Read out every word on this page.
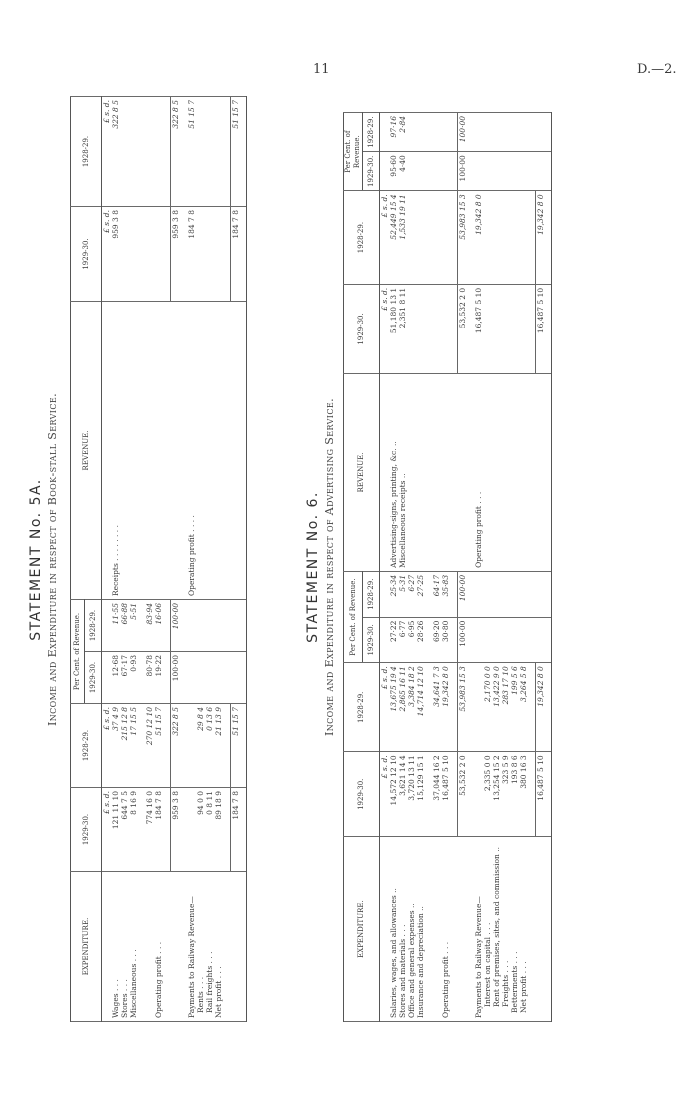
11	D.—2.
STATEMENT No. 5A. Income and Expenditure in respect of Book-stall Service.
EXPENDITURE.	1929-30.	1928-29.	Per Cent. of Revenue.		REVENUE.	1929-30.	1928-29.
			1929-30.	1928-29.			
	£ s. d.	£ s. d.				£ s. d.	£ s. d.
Wages . . .	121 11 10	37 4 9	12·68	11·55	Receipts . . . . . . . .	959 3 8	322 8 5
Stores . . .	644 7 5	215 12 8	67·17	66·88			
Miscellaneous . . .	8 16 9	17 15 5	0·93	5·51			

	774 16 0	270 12 10	80·78	83·94			
Operating profit . . .	184 7 8	51 15 7	19·22	16·06			

	959 3 8	322 8 5	100·00	100·00		959 3 8	322 8 5

Payments to Railway Revenue—					Operating profit . . . .	184 7 8	51 15 7
Rents . . .	94 0 0	29 8 4					
Rail freights . . .	0 8 11	0 13 6					
Net profit . . .	89 18 9	21 13 9					

	184 7 8	51 15 7				184 7 8	51 15 7

STATEMENT No. 6. Income and Expenditure in respect of Advertising Service.
EXPENDITURE.	1929-30.	1928-29.	Per Cent. of Revenue.		REVENUE.	1929-30.	1928-29.	Per Cent. of Revenue.	
			1929-30.	1928-29.				1929-30.	1928-29.
	£ s. d.	£ s. d.				£ s. d.	£ s. d.		
Salaries, wages, and allowances ..	14,572 12 10	13,675 19 4	27·22	25·34	Advertising-signs, printing, &c. ..	51,180 13 1	52,449 15 4	95·60	97·16
Stores and materials . . .	3,621 14 4	2,865 16 11	6·77	5·31	Miscellaneous receipts ..	2,351 8 11	1,533 19 11	4·40	2·84
Office and general expenses ..	3,720 13 11	3,384 18 2	6·95	6·27					
Insurance and depreciation ..	15,129 15 1	14,714 12 10	28·26	27·25					

	37,044 16 2	34,641 7 3	69·20	64·17					
Operating profit . . .	16,487 5 10	19,342 8 0	30·80	35·83					

	53,532 2 0	53,983 15 3	100·00	100·00		53,532 2 0	53,983 15 3	100·00	100·00

Payments to Railway Revenue—					Operating profit . . .	16,487 5 10	19,342 8 0		
Interest on capital . . .	2,335 0 0	2,170 0 0							
Rent of premises, sites, and commission ..	13,254 15 2	13,422 9 0							
Freights . . .	323 5 9	283 17 10							
Betterments . . .	193 8 6	199 5 6							
Net profit . . .	380 16 3	3,264 5 8							

	16,487 5 10	19,342 8 0				16,487 5 10	19,342 8 0		
